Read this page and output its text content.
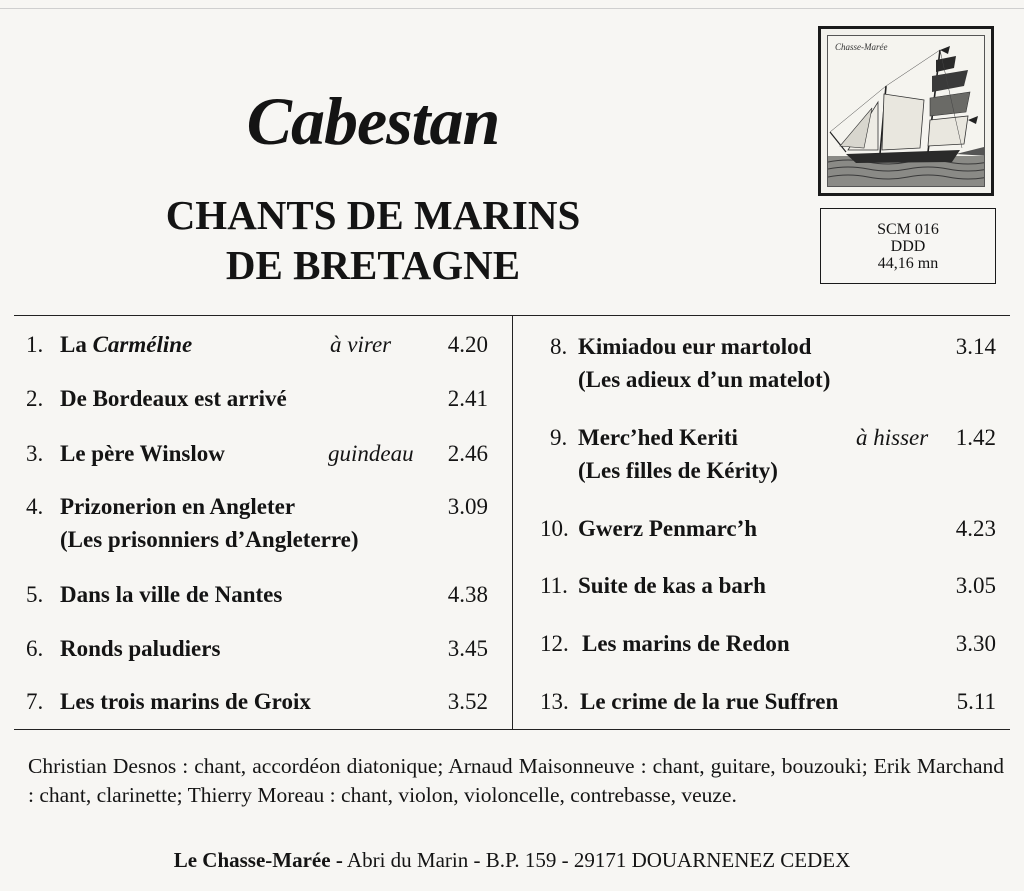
Cabestan
CHANTS DE MARINS
DE BRETAGNE
Chasse-Marée
SCM 016
DDD
44,16 mn
1. La Carméline	à virer	4.20
2. De Bordeaux est arrivé	2.41
3. Le père Winslow	guindeau	2.46
4. Prizonerion en Angleter
(Les prisonniers d’Angleterre)
3.09
5. Dans la ville de Nantes	4.38
6. Ronds paludiers	3.45
7. Les trois marins de Groix	3.52
8. Kimiadou eur martolod
(Les adieux d’un matelot)
3.14
9. Merc’hed Keriti
(Les filles de Kérity)
à hisser	1.42
10. Gwerz Penmarc’h	4.23
11. Suite de kas a barh	3.05
12. Les marins de Redon	3.30
13. Le crime de la rue Suffren	5.11
Christian Desnos : chant, accordéon diatonique; Arnaud Maisonneuve : chant, guitare, bouzouki; Erik Marchand : chant, clarinette; Thierry Moreau : chant, violon, violoncelle, contrebasse, veuze.
Le Chasse-Marée - Abri du Marin - B.P. 159 - 29171 DOUARNENEZ CEDEX
